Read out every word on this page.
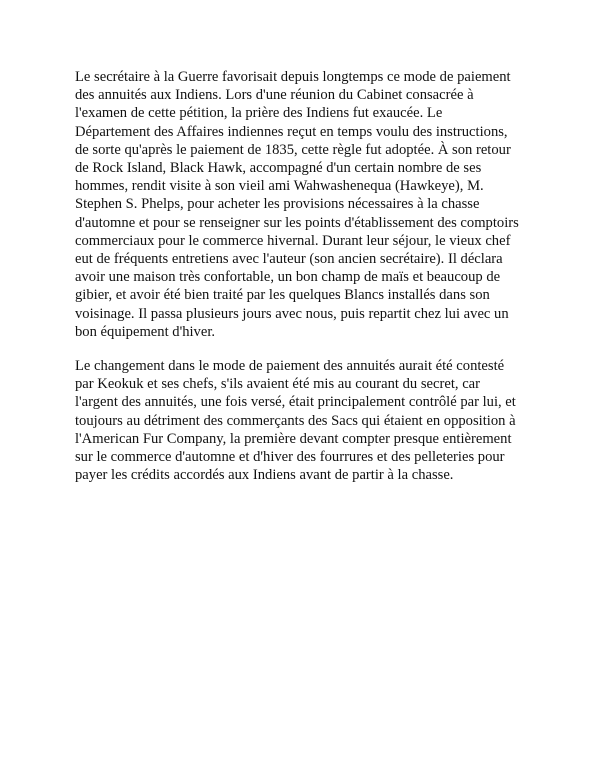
Le secrétaire à la Guerre favorisait depuis longtemps ce mode de paiement
des annuités aux Indiens. Lors d'une réunion du Cabinet consacrée à
l'examen de cette pétition, la prière des Indiens fut exaucée. Le
Département des Affaires indiennes reçut en temps voulu des instructions,
de sorte qu'après le paiement de 1835, cette règle fut adoptée. À son retour
de Rock Island, Black Hawk, accompagné d'un certain nombre de ses
hommes, rendit visite à son vieil ami Wahwashenequa (Hawkeye), M.
Stephen S. Phelps, pour acheter les provisions nécessaires à la chasse
d'automne et pour se renseigner sur les points d'établissement des comptoirs
commerciaux pour le commerce hivernal. Durant leur séjour, le vieux chef
eut de fréquents entretiens avec l'auteur (son ancien secrétaire). Il déclara
avoir une maison très confortable, un bon champ de maïs et beaucoup de
gibier, et avoir été bien traité par les quelques Blancs installés dans son
voisinage. Il passa plusieurs jours avec nous, puis repartit chez lui avec un
bon équipement d'hiver.

Le changement dans le mode de paiement des annuités aurait été contesté
par Keokuk et ses chefs, s'ils avaient été mis au courant du secret, car
l'argent des annuités, une fois versé, était principalement contrôlé par lui, et
toujours au détriment des commerçants des Sacs qui étaient en opposition à
l'American Fur Company, la première devant compter presque entièrement
sur le commerce d'automne et d'hiver des fourrures et des pelleteries pour
payer les crédits accordés aux Indiens avant de partir à la chasse.
